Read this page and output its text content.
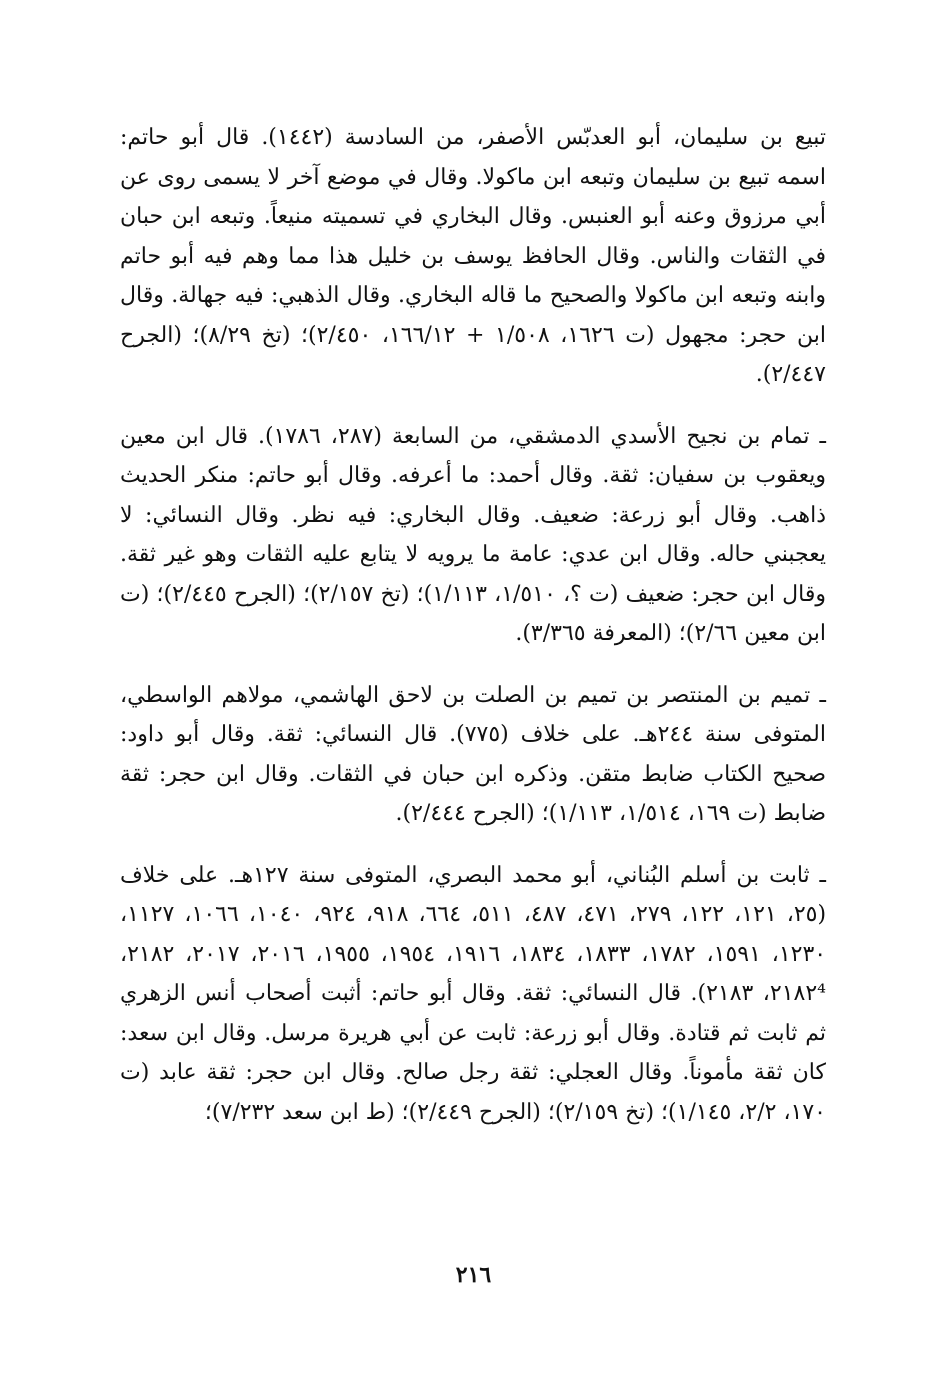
تبيع بن سليمان، أبو العدبّس الأصفر، من السادسة (١٤٤٢). قال أبو حاتم: اسمه تبيع بن سليمان وتبعه ابن ماكولا. وقال في موضع آخر لا يسمى روى عن أبي مرزوق وعنه أبو العنبس. وقال البخاري في تسميته منيعاً. وتبعه ابن حبان في الثقات والناس. وقال الحافظ يوسف بن خليل هذا مما وهم فيه أبو حاتم وابنه وتبعه ابن ماكولا والصحيح ما قاله البخاري. وقال الذهبي: فيه جهالة. وقال ابن حجر: مجهول (ت ١٦٢٦، ١/٥٠٨ + ١٦٦/١٢، ٢/٤٥٠)؛ (تخ ٨/٢٩)؛ (الجرح ٢/٤٤٧).

ـ تمام بن نجيح الأسدي الدمشقي، من السابعة (٢٨٧، ١٧٨٦). قال ابن معين ويعقوب بن سفيان: ثقة. وقال أحمد: ما أعرفه. وقال أبو حاتم: منكر الحديث ذاهب. وقال أبو زرعة: ضعيف. وقال البخاري: فيه نظر. وقال النسائي: لا يعجبني حاله. وقال ابن عدي: عامة ما يرويه لا يتابع عليه الثقات وهو غير ثقة. وقال ابن حجر: ضعيف (ت ؟، ١/٥١٠، ١/١١٣)؛ (تخ ٢/١٥٧)؛ (الجرح ٢/٤٤٥)؛ (ت ابن معين ٢/٦٦)؛ (المعرفة ٣/٣٦٥).

ـ تميم بن المنتصر بن تميم بن الصلت بن لاحق الهاشمي، مولاهم الواسطي، المتوفى سنة ٢٤٤هـ. على خلاف (٧٧٥). قال النسائي: ثقة. وقال أبو داود: صحيح الكتاب ضابط متقن. وذكره ابن حبان في الثقات. وقال ابن حجر: ثقة ضابط (ت ١٦٩، ١/٥١٤، ١/١١٣)؛ (الجرح ٢/٤٤٤).

ـ ثابت بن أسلم البُناني، أبو محمد البصري، المتوفى سنة ١٢٧هـ. على خلاف (٢٥، ١٢١، ١٢٢، ٢٧٩، ٤٧١، ٤٨٧، ٥١١، ٦٦٤، ٩١٨، ٩٢٤، ١٠٤٠، ١٠٦٦، ١١٢٧، ١٢٣٠، ١٥٩١، ١٧٨٢، ١٨٣٣، ١٨٣٤، ١٩١٦، ١٩٥٤، ١٩٥٥، ٢٠١٦، ٢٠١٧، ٢١٨٢، ٢١٨٢⁴، ٢١٨٣). قال النسائي: ثقة. وقال أبو حاتم: أثبت أصحاب أنس الزهري ثم ثابت ثم قتادة. وقال أبو زرعة: ثابت عن أبي هريرة مرسل. وقال ابن سعد: كان ثقة مأموناً. وقال العجلي: ثقة رجل صالح. وقال ابن حجر: ثقة عابد (ت ١٧٠، ٢/٢، ١/١٤٥)؛ (تخ ٢/١٥٩)؛ (الجرح ٢/٤٤٩)؛ (ط ابن سعد ٧/٢٣٢)؛

٢١٦
